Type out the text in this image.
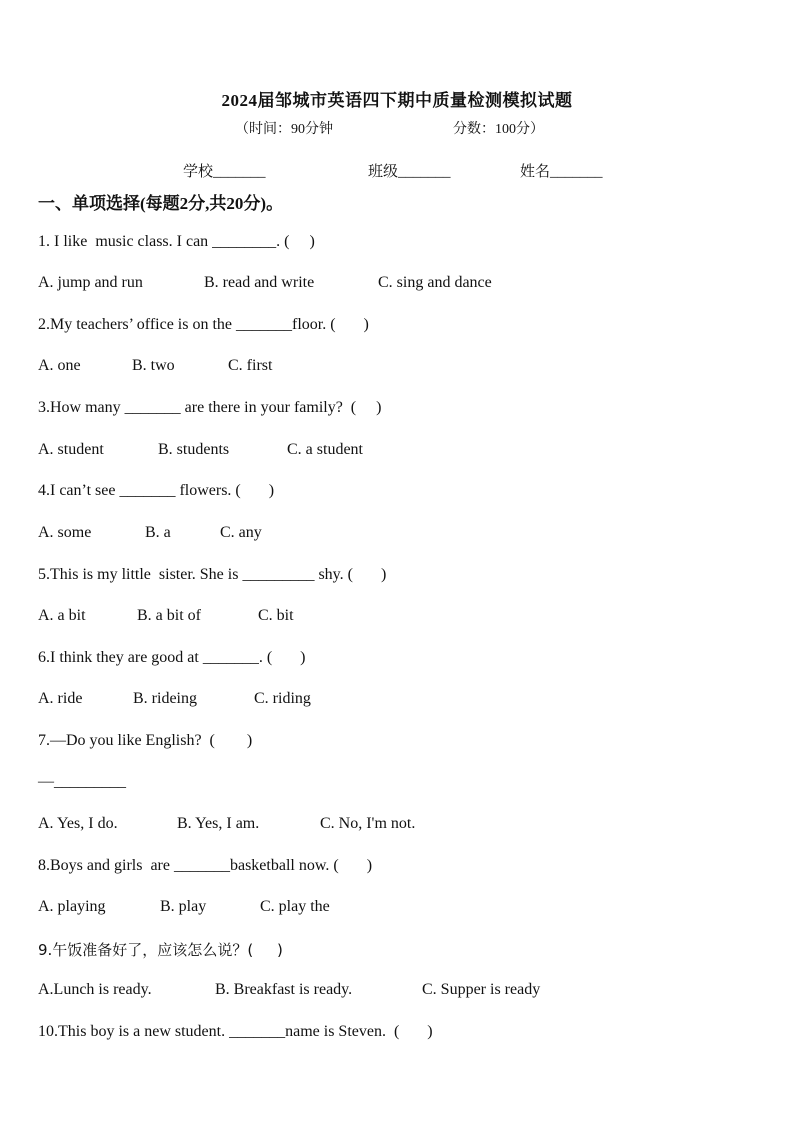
2024届邹城市英语四下期中质量检测模拟试题
（时间：90分钟	分数：100分）
学校_______	班级_______	姓名_______
一、单项选择(每题2分,共20分)。
1. I like  music class. I can ________. (     )
A. jump and run	B. read and write	C. sing and dance
2.My teachers’ office is on the _______floor. (       )
A. one	B. two	C. first
3.How many _______ are there in your family?  (     )
A. student	B. students	C. a student
4.I can’t see _______ flowers. (       )
A. some	B. a	C. any
5.This is my little  sister. She is _________ shy. (       )
A. a bit	B. a bit of	C. bit
6.I think they are good at _______. (       )
A. ride	B. rideing	C. riding
7.—Do you like English?  (        )
—_________
A. Yes, I do.	B. Yes, I am.	C. No, I'm not.
8.Boys and girls  are _______basketball now. (       )
A. playing	B. play	C. play the
9.午饭准备好了，应该怎么说？(     )
A.Lunch is ready.	B. Breakfast is ready.	C. Supper is ready
10.This boy is a new student. _______name is Steven.  (       )
